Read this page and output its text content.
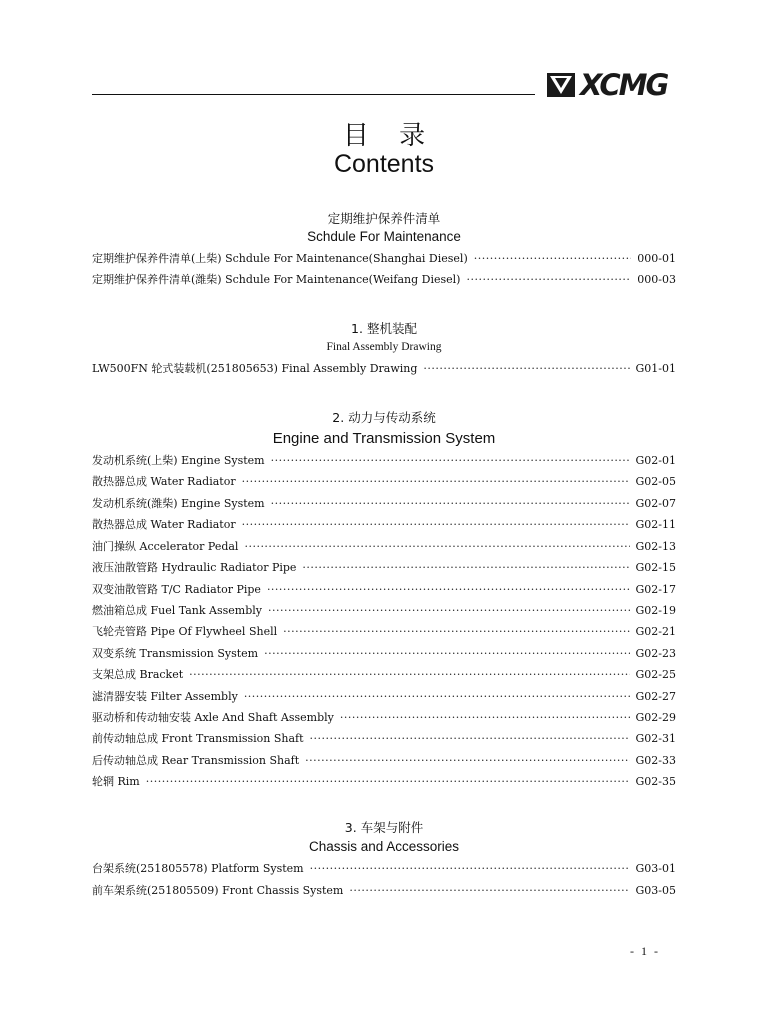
XCMG
目 录
Contents
定期维护保养件清单
Schdule For Maintenance
定期维护保养件清单(上柴) Schdule For Maintenance(Shanghai Diesel) ·····	000-01
定期维护保养件清单(潍柴) Schdule For Maintenance(Weifang Diesel) ·····	000-03
1. 整机装配
Final Assembly Drawing
LW500FN 轮式装载机(251805653) Final Assembly Drawing ·····	G01-01
2. 动力与传动系统
Engine and Transmission System
发动机系统(上柴) Engine System ·····	G02-01
散热器总成 Water Radiator ·····	G02-05
发动机系统(潍柴) Engine System ·····	G02-07
散热器总成 Water Radiator ·····	G02-11
油门操纵 Accelerator Pedal ·····	G02-13
液压油散管路 Hydraulic Radiator Pipe ·····	G02-15
双变油散管路 T/C Radiator Pipe ·····	G02-17
燃油箱总成 Fuel Tank Assembly ·····	G02-19
飞轮壳管路 Pipe Of Flywheel Shell ·····	G02-21
双变系统 Transmission System ·····	G02-23
支架总成 Bracket ·····	G02-25
滤清器安装 Filter Assembly ·····	G02-27
驱动桥和传动轴安装 Axle And Shaft Assembly ·····	G02-29
前传动轴总成 Front Transmission Shaft ·····	G02-31
后传动轴总成 Rear Transmission Shaft ·····	G02-33
轮辋 Rim ·····	G02-35
3. 车架与附件
Chassis and Accessories
台架系统(251805578) Platform System ·····	G03-01
前车架系统(251805509) Front Chassis System ·····	G03-05
- 1 -
